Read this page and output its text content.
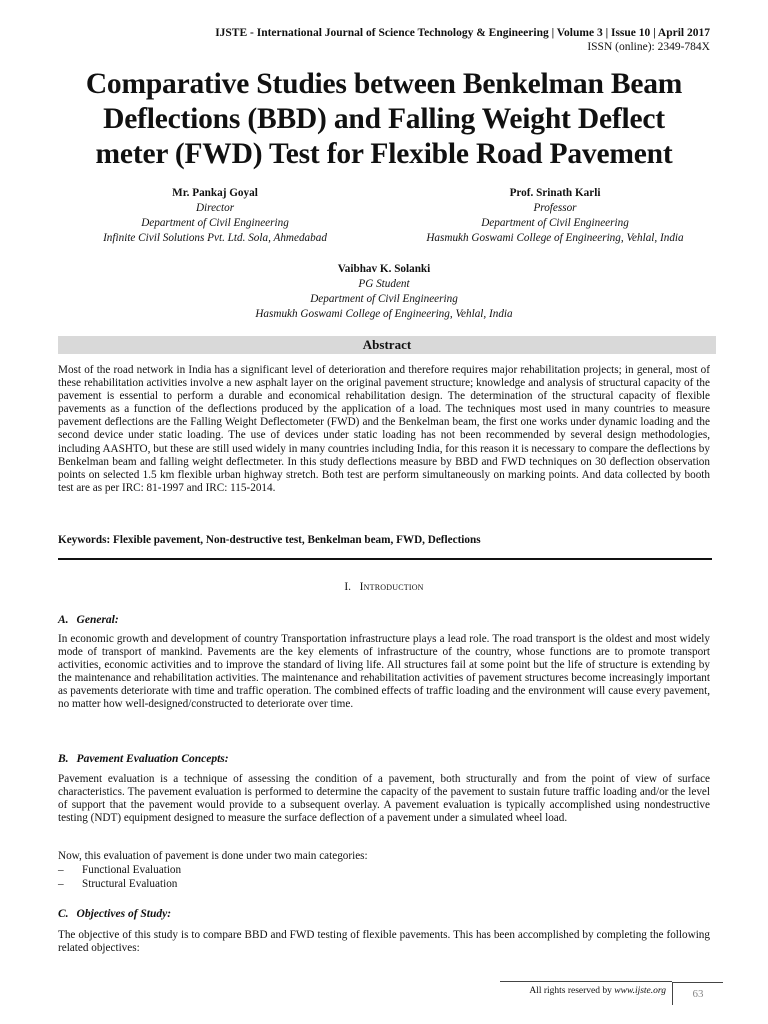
IJSTE - International Journal of Science Technology & Engineering | Volume 3 | Issue 10 | April 2017
ISSN (online): 2349-784X
Comparative Studies between Benkelman Beam
Deflections (BBD) and Falling Weight Deflect
meter (FWD) Test for Flexible Road Pavement
Mr. Pankaj Goyal
Director
Department of Civil Engineering
Infinite Civil Solutions Pvt. Ltd. Sola, Ahmedabad
Prof. Srinath Karli
Professor
Department of Civil Engineering
Hasmukh Goswami College of Engineering, Vehlal, India
Vaibhav K. Solanki
PG Student
Department of Civil Engineering
Hasmukh Goswami College of Engineering, Vehlal, India
Abstract
Most of the road network in India has a significant level of deterioration and therefore requires major rehabilitation projects; in general, most of these rehabilitation activities involve a new asphalt layer on the original pavement structure; knowledge and analysis of structural capacity of the pavement is essential to perform a durable and economical rehabilitation design. The determination of the structural capacity of flexible pavements as a function of the deflections produced by the application of a load. The techniques most used in many countries to measure pavement deflections are the Falling Weight Deflectometer (FWD) and the Benkelman beam, the first one works under dynamic loading and the second device under static loading. The use of devices under static loading has not been recommended by several design methodologies, including AASHTO, but these are still used widely in many countries including India, for this reason it is necessary to compare the deflections by Benkelman beam and falling weight deflectmeter. In this study deflections measure by BBD and FWD techniques on 30 deflection observation points on selected 1.5 km flexible urban highway stretch. Both test are perform simultaneously on marking points. And data collected by booth test are as per IRC: 81-1997 and IRC: 115-2014.
Keywords: Flexible pavement, Non-destructive test, Benkelman beam, FWD, Deflections
I. Introduction
A. General:
In economic growth and development of country Transportation infrastructure plays a lead role. The road transport is the oldest and most widely mode of transport of mankind. Pavements are the key elements of infrastructure of the country, whose functions are to promote transport activities, economic activities and to improve the standard of living life. All structures fail at some point but the life of structure is extending by the maintenance and rehabilitation activities. The maintenance and rehabilitation activities of pavement structures become increasingly important as pavements deteriorate with time and traffic operation. The combined effects of traffic loading and the environment will cause every pavement, no matter how well-designed/constructed to deteriorate over time.
B. Pavement Evaluation Concepts:
Pavement evaluation is a technique of assessing the condition of a pavement, both structurally and from the point of view of surface characteristics. The pavement evaluation is performed to determine the capacity of the pavement to sustain future traffic loading and/or the level of support that the pavement would provide to a subsequent overlay. A pavement evaluation is typically accomplished using nondestructive testing (NDT) equipment designed to measure the surface deflection of a pavement under a simulated wheel load.
Now, this evaluation of pavement is done under two main categories:
– Functional Evaluation
– Structural Evaluation
C. Objectives of Study:
The objective of this study is to compare BBD and FWD testing of flexible pavements. This has been accomplished by completing the following related objectives:
All rights reserved by www.ijste.org	63
